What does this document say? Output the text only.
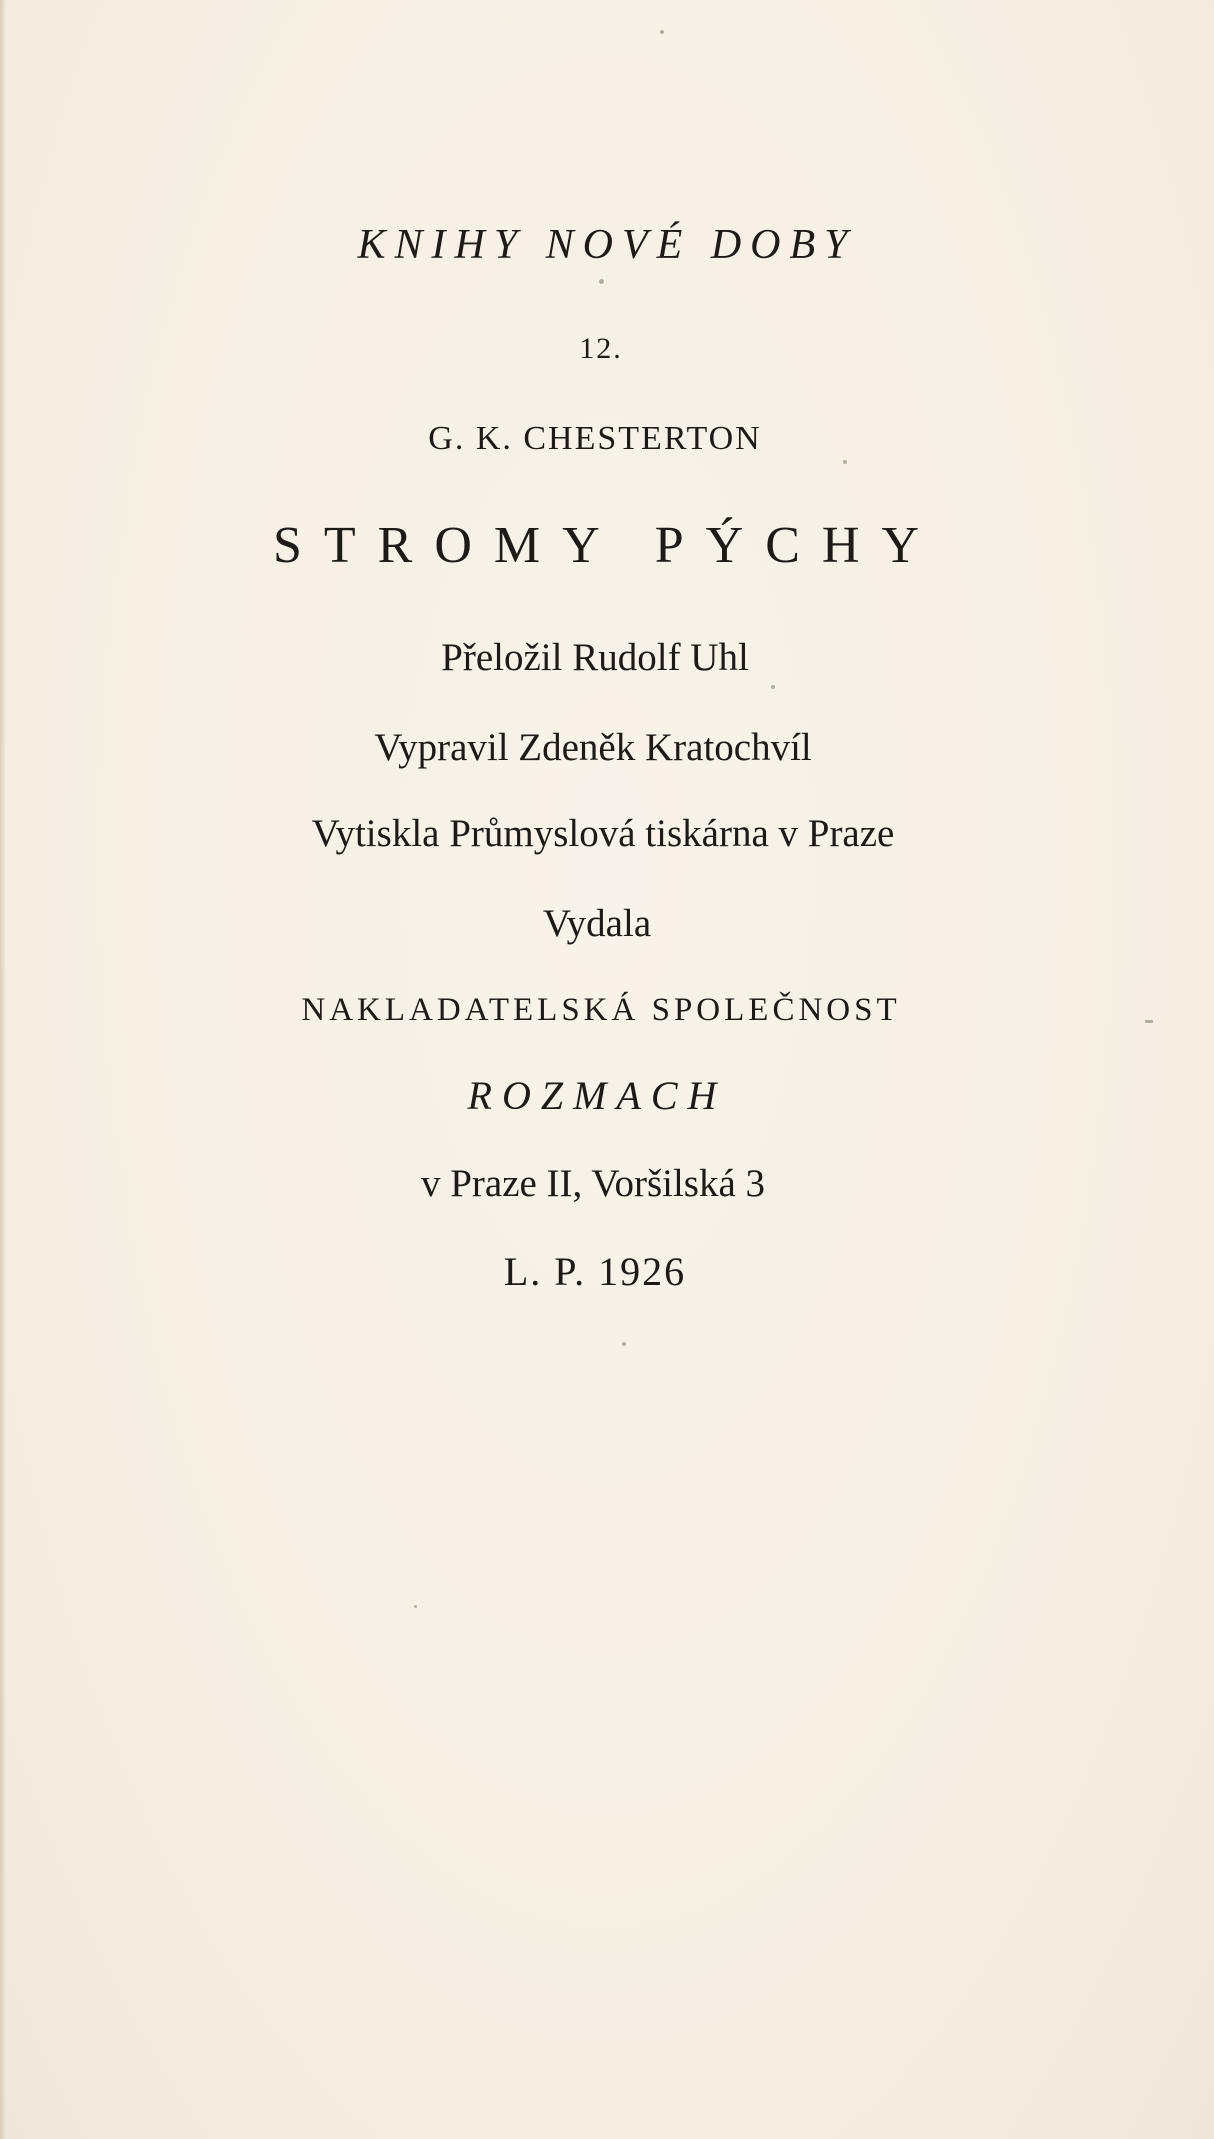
KNIHY NOVÉ DOBY
12.
G. K. CHESTERTON
STROMY PÝCHY
Přeložil Rudolf Uhl
Vypravil Zdeněk Kratochvíl
Vytiskla Průmyslová tiskárna v Praze
Vydala
NAKLADATELSKÁ SPOLEČNOST
ROZMACH
v Praze II, Voršilská 3
L. P. 1926
